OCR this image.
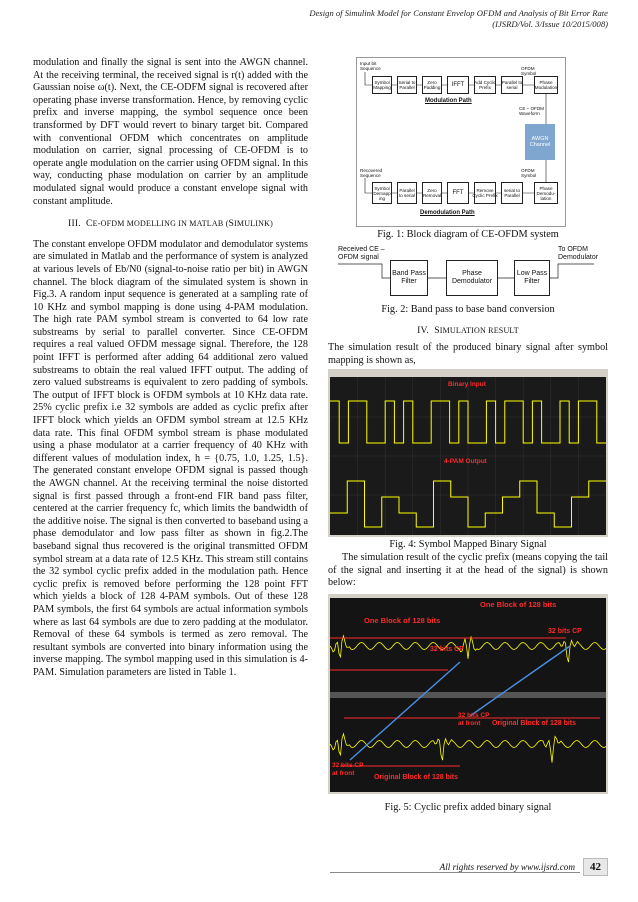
Design of Simulink Model for Constant Envelop OFDM and Analysis of Bit Error Rate
(IJSRD/Vol. 3/Issue 10/2015/008)

modulation and finally the signal is sent into the AWGN channel. At the receiving terminal, the received signal is r(t) added with the Gaussian noise ω(t). Next, the CE-ODFM signal is recovered after operating phase inverse transformation. Hence, by removing cyclic prefix and inverse mapping, the symbol sequence once been transformed by DFT would revert to binary target bit. Compared with conventional OFDM which concentrates on amplitude modulation on carrier, signal processing of CE-OFDM is to operate angle modulation on the carrier using OFDM signal. In this way, conducting phase modulation on carrier by an amplitude modulated signal would produce a constant envelope signal with constant amplitude.

III. CE-OFDM MODELLING IN MATLAB (SIMULINK)

The constant envelope OFDM modulator and demodulator systems are simulated in Matlab and the performance of system is analyzed at various levels of Eb/N0 (signal-to-noise ratio per bit) in AWGN channel. The block diagram of the simulated system is shown in Fig.3. A random input sequence is generated at a sampling rate of 10 KHz and symbol mapping is done using 4-PAM modulation. The high rate PAM symbol stream is converted to 64 low rate substreams by serial to parallel converter. Since CE-OFDM requires a real valued OFDM message signal. Therefore, the 128 point IFFT is performed after adding 64 additional zero valued substreams to obtain the real valued IFFT output. The adding of zero valued substreams is equivalent to zero padding of symbols. The output of IFFT block is OFDM symbols at 10 KHz data rate. 25% cyclic prefix i.e 32 symbols are added as cyclic prefix after IFFT block which yields an OFDM symbol stream at 12.5 KHz data rate. This final OFDM symbol stream is phase modulated using a phase modulator at a carrier frequency of 40 KHz with different values of modulation index, h = {0.75, 1.0, 1.25, 1.5}. The generated constant envelope OFDM signal is passed though the AWGN channel. At the receiving terminal the noise distorted signal is first passed through a front-end FIR band pass filter, centered at the carrier frequency fc, which limits the bandwidth of the additive noise. The signal is then converted to baseband using a phase demodulator and low pass filter as shown in fig.2.The baseband signal thus recovered is the original transmitted OFDM symbol stream at a data rate of 12.5 KHz. This stream still contains the 32 symbol cyclic prefix added in the modulation path. Hence cyclic prefix is removed before performing the 128 point FFT which yields a block of 128 4-PAM symbols. Out of these 128 PAM symbols, the first 64 symbols are actual information symbols where as last 64 symbols are due to zero padding at the modulator. Removal of these 64 symbols is termed as zero removal. The resultant symbols are converted into binary information using the inverse mapping. The symbol mapping used in this simulation is 4-PAM. Simulation parameters are listed in Table 1.

Input bit
Sequence
Symbol
Mapping
Serial to
Parallel
Zero
Padding	IFFT	Add Cyclic
Prefix
Parallel to
serial
OFDM
Symbol
Phase
Modulation
Modulation Path
CE – OFDM
Waveform
AWGN
Channel
Recovered
Sequence
OFDM
Symbol
Symbol
Demapp
ing
Parallel
to serial
Zero
Removal	FFT	Remove
Cyclic Prefix
serial to
Parallel
Phase
Demodu-
lation
Demodulation Path
Fig. 1: Block diagram of CE-OFDM system
Received CE –
OFDM signal
Band Pass
Filter
Phase
Demodulator
Low Pass
Filter
To OFDM
Demodulator
Fig. 2: Band pass to base band conversion
IV. SIMULATION RESULT
The simulation result of the produced binary signal after symbol mapping is shown as,
Binary Input
4-PAM Output
Fig. 4: Symbol Mapped Binary Signal
The simulation result of the cyclic prefix (means copying the tail of the signal and inserting it at the head of the signal) is shown below:
One Block of 128 bits
One Block of 128 bits
32 bits CP
32 bits CP
32 bits CP
at front	Original Block of 128 bits
32 bits CP
at front
Original Block of 128 bits
Fig. 5: Cyclic prefix added binary signal
All rights reserved by www.ijsrd.com	42
